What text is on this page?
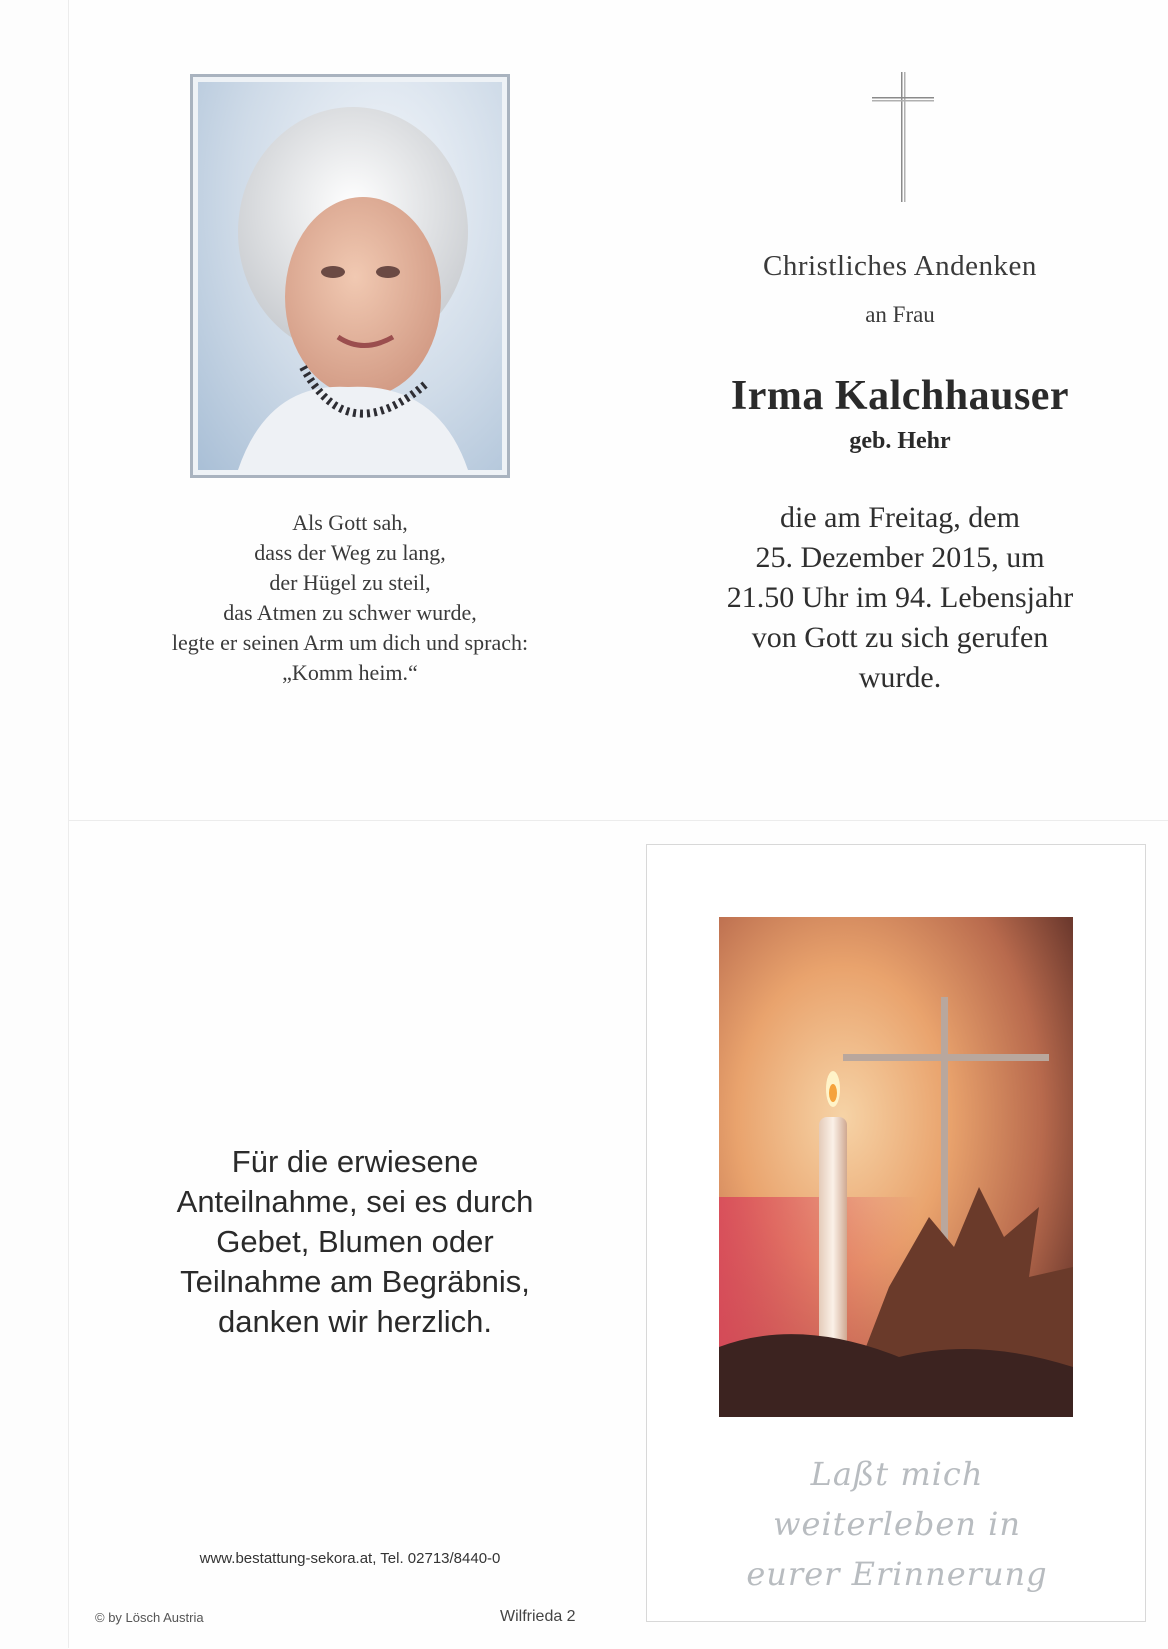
Als Gott sah,
dass der Weg zu lang,
der Hügel zu steil,
das Atmen zu schwer wurde,
legte er seinen Arm um dich und sprach:
„Komm heim.“
Christliches Andenken
an Frau
Irma Kalchhauser
geb. Hehr
die am Freitag, dem
25. Dezember 2015, um
21.50 Uhr im 94. Lebensjahr
von Gott zu sich gerufen
wurde.
Für die erwiesene
Anteilnahme, sei es durch
Gebet, Blumen oder
Teilnahme am Begräbnis,
danken wir herzlich.
www.bestattung-sekora.at, Tel. 02713/8440-0
© by Lösch Austria	Wilfrieda 2
Laßt mich
weiterleben in
eurer Erinnerung
